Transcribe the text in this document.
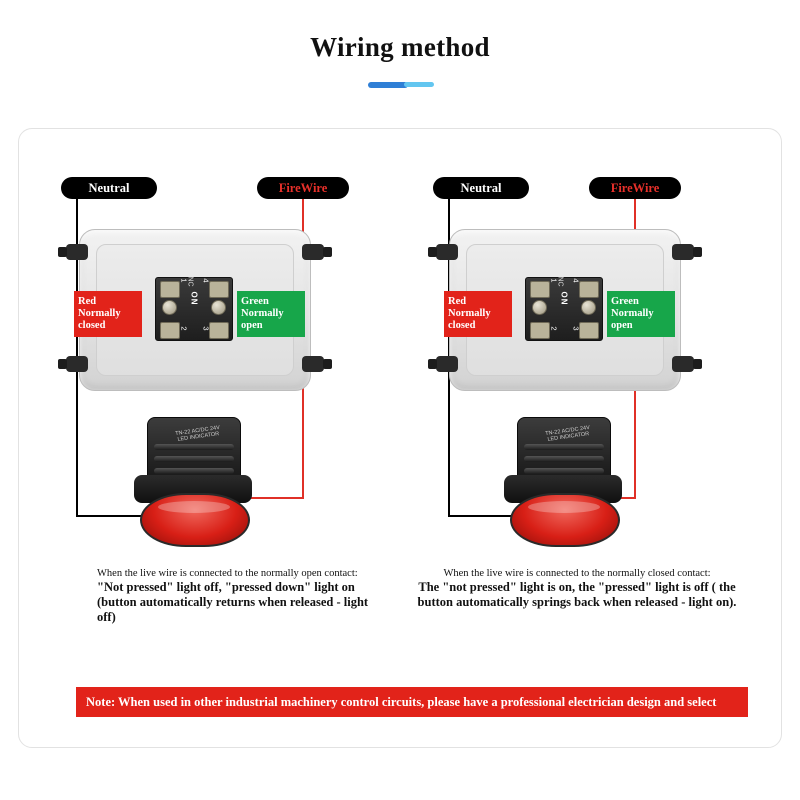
Wiring method
Neutral	FireWire
ON
NC
1
2
4
3
Red
Normally
closed
Green
Normally
open
TN-22 AC/DC 24V LED INDICATOR
When the live wire is connected to the normally open contact:
"Not pressed" light off, "pressed down" light on (button automatically returns when released - light off)
Neutral	FireWire
ON
NC
1
2
4
3
Red
Normally
closed
Green
Normally
open
TN-22 AC/DC 24V LED INDICATOR
When the live wire is connected to the normally closed contact:
The "not pressed" light is on, the "pressed" light is off ( the button automatically springs back when released - light on).
Note: When used in other industrial machinery control circuits, please have a professional electrician design and select
